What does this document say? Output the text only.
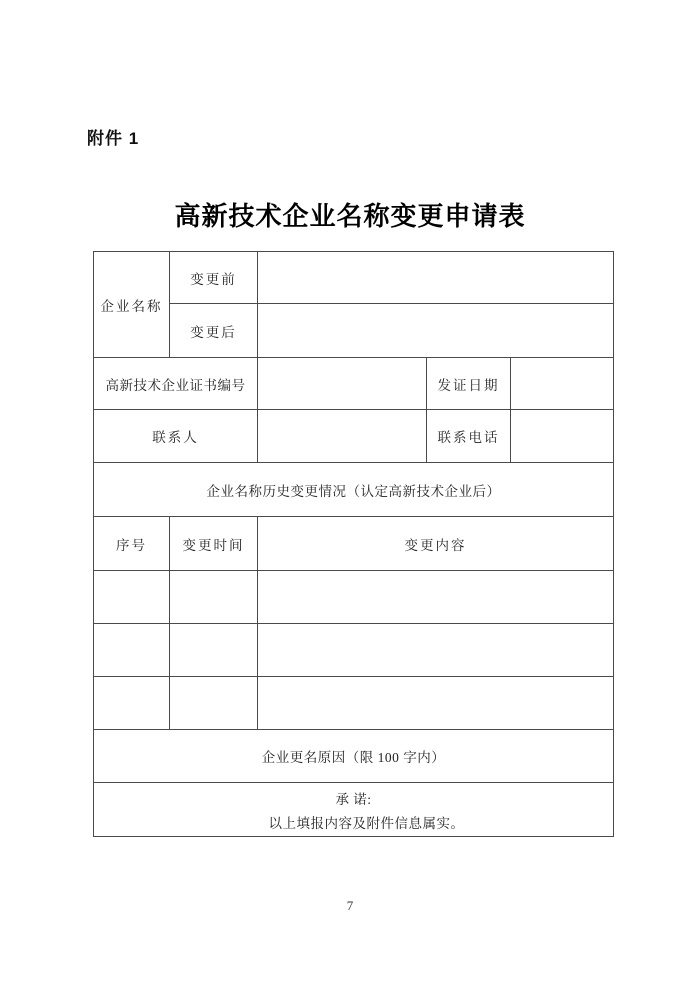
附件 1
高新技术企业名称变更申请表
企业名称	变更前			
	变更后			
高新技术企业证书编号			发证日期	
联系人			联系电话	
企业名称历史变更情况（认定高新技术企业后）				
序号	变更时间	变更内容		

企业更名原因（限 100 字内）				

承 诺:
以上填报内容及附件信息属实。				
7
